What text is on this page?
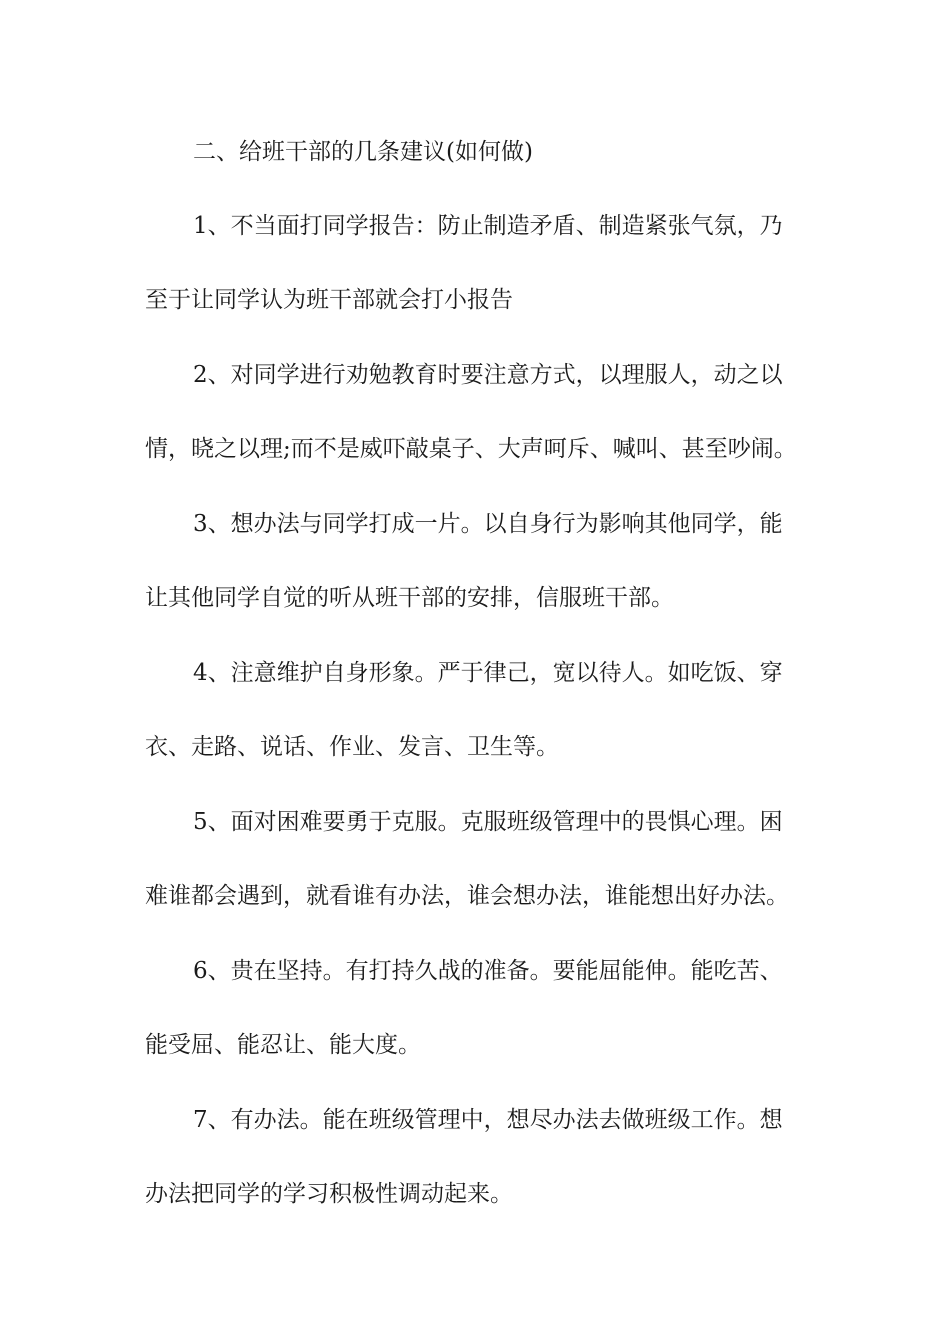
二、给班干部的几条建议(如何做)
1、不当面打同学报告：防止制造矛盾、制造紧张气氛，乃
至于让同学认为班干部就会打小报告
2、对同学进行劝勉教育时要注意方式，以理服人，动之以
情，晓之以理;而不是威吓敲桌子、大声呵斥、喊叫、甚至吵闹。
3、想办法与同学打成一片。以自身行为影响其他同学，能
让其他同学自觉的听从班干部的安排，信服班干部。
4、注意维护自身形象。严于律己，宽以待人。如吃饭、穿
衣、走路、说话、作业、发言、卫生等。
5、面对困难要勇于克服。克服班级管理中的畏惧心理。困
难谁都会遇到，就看谁有办法，谁会想办法，谁能想出好办法。
6、贵在坚持。有打持久战的准备。要能屈能伸。能吃苦、
能受屈、能忍让、能大度。
7、有办法。能在班级管理中，想尽办法去做班级工作。想
办法把同学的学习积极性调动起来。
